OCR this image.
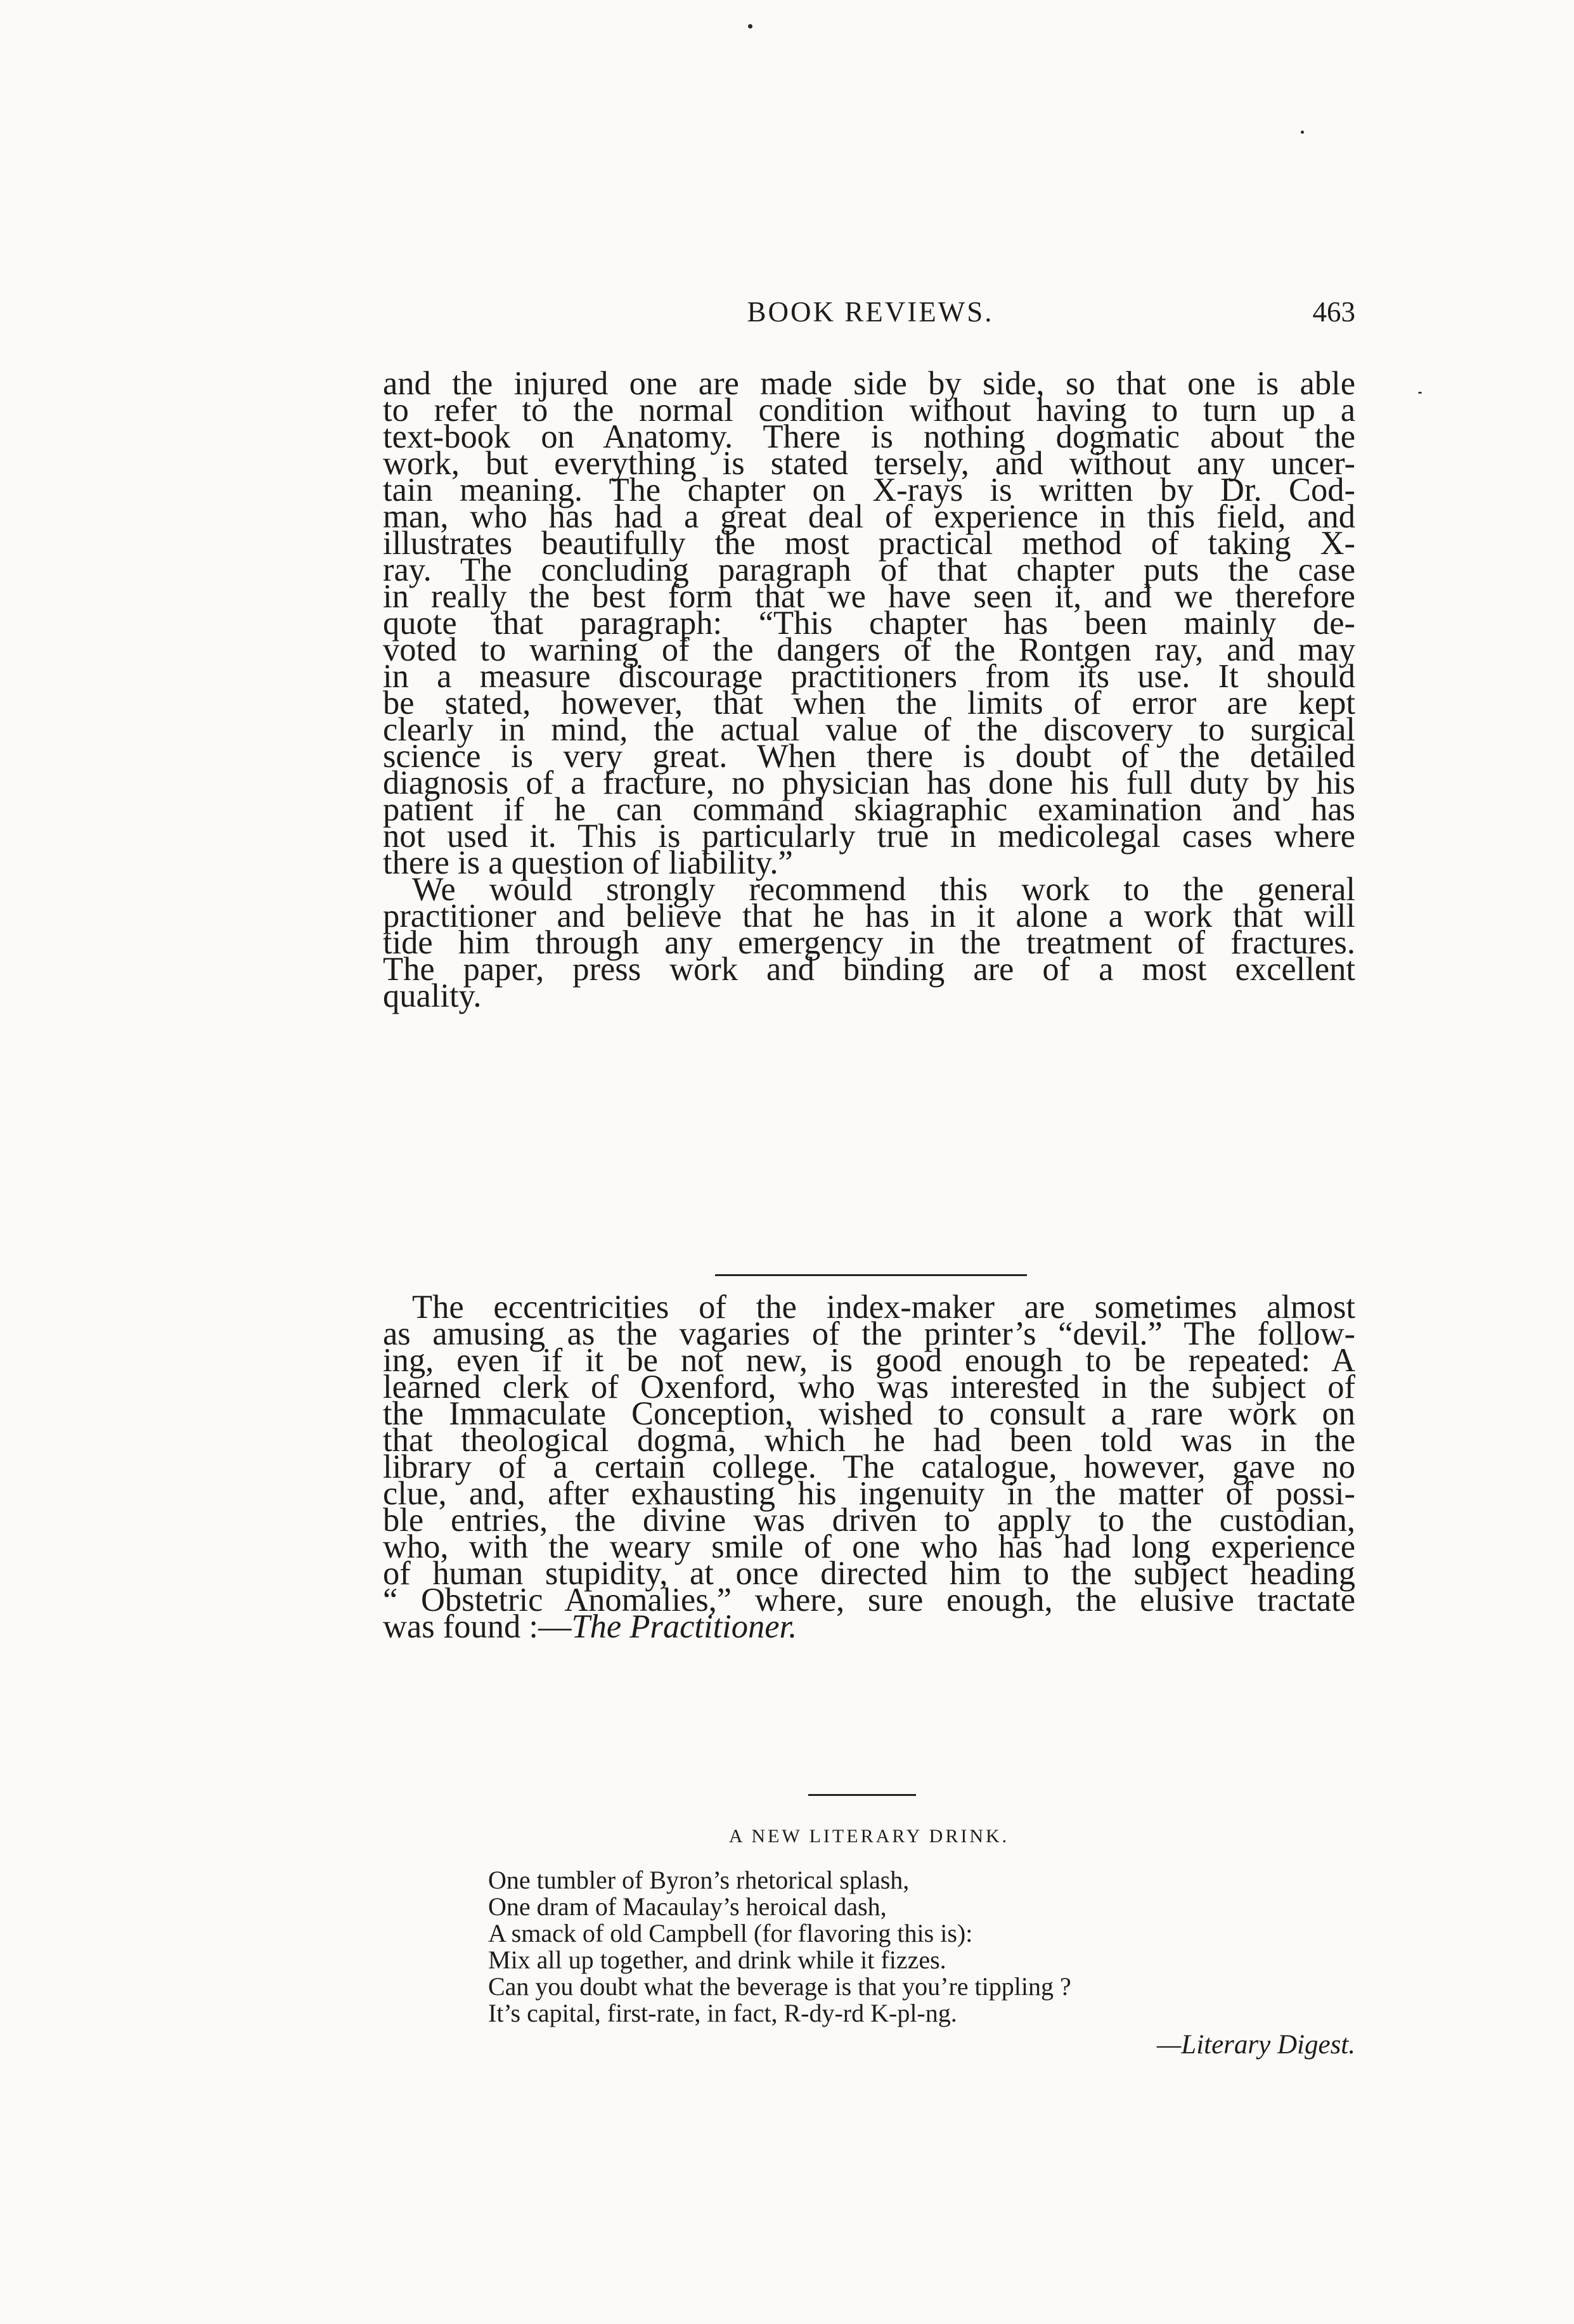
BOOK REVIEWS.	463
and the injured one are made side by side, so that one is able
to refer to the normal condition without having to turn up a
text-book on Anatomy. There is nothing dogmatic about the
work, but everything is stated tersely, and without any uncer-
tain meaning. The chapter on X-rays is written by Dr. Cod-
man, who has had a great deal of experience in this field, and
illustrates beautifully the most practical method of taking X-
ray. The concluding paragraph of that chapter puts the case
in really the best form that we have seen it, and we therefore
quote that paragraph: “This chapter has been mainly de-
voted to warning of the dangers of the Rontgen ray, and may
in a measure discourage practitioners from its use. It should
be stated, however, that when the limits of error are kept
clearly in mind, the actual value of the discovery to surgical
science is very great. When there is doubt of the detailed
diagnosis of a fracture, no physician has done his full duty by his
patient if he can command skiagraphic examination and has
not used it. This is particularly true in medicolegal cases where
there is a question of liability.”
We would strongly recommend this work to the general
practitioner and believe that he has in it alone a work that will
tide him through any emergency in the treatment of fractures.
The paper, press work and binding are of a most excellent
quality.
The eccentricities of the index-maker are sometimes almost
as amusing as the vagaries of the printer’s “devil.” The follow-
ing, even if it be not new, is good enough to be repeated: A
learned clerk of Oxenford, who was interested in the subject of
the Immaculate Conception, wished to consult a rare work on
that theological dogma, which he had been told was in the
library of a certain college. The catalogue, however, gave no
clue, and, after exhausting his ingenuity in the matter of possi-
ble entries, the divine was driven to apply to the custodian,
who, with the weary smile of one who has had long experience
of human stupidity, at once directed him to the subject heading
“ Obstetric Anomalies,” where, sure enough, the elusive tractate
was found :—The Practitioner.
A NEW LITERARY DRINK.
One tumbler of Byron’s rhetorical splash,
One dram of Macaulay’s heroical dash,
A smack of old Campbell (for flavoring this is):
Mix all up together, and drink while it fizzes.
Can you doubt what the beverage is that you’re tippling ?
It’s capital, first-rate, in fact, R-dy-rd K-pl-ng.
—Literary Digest.
